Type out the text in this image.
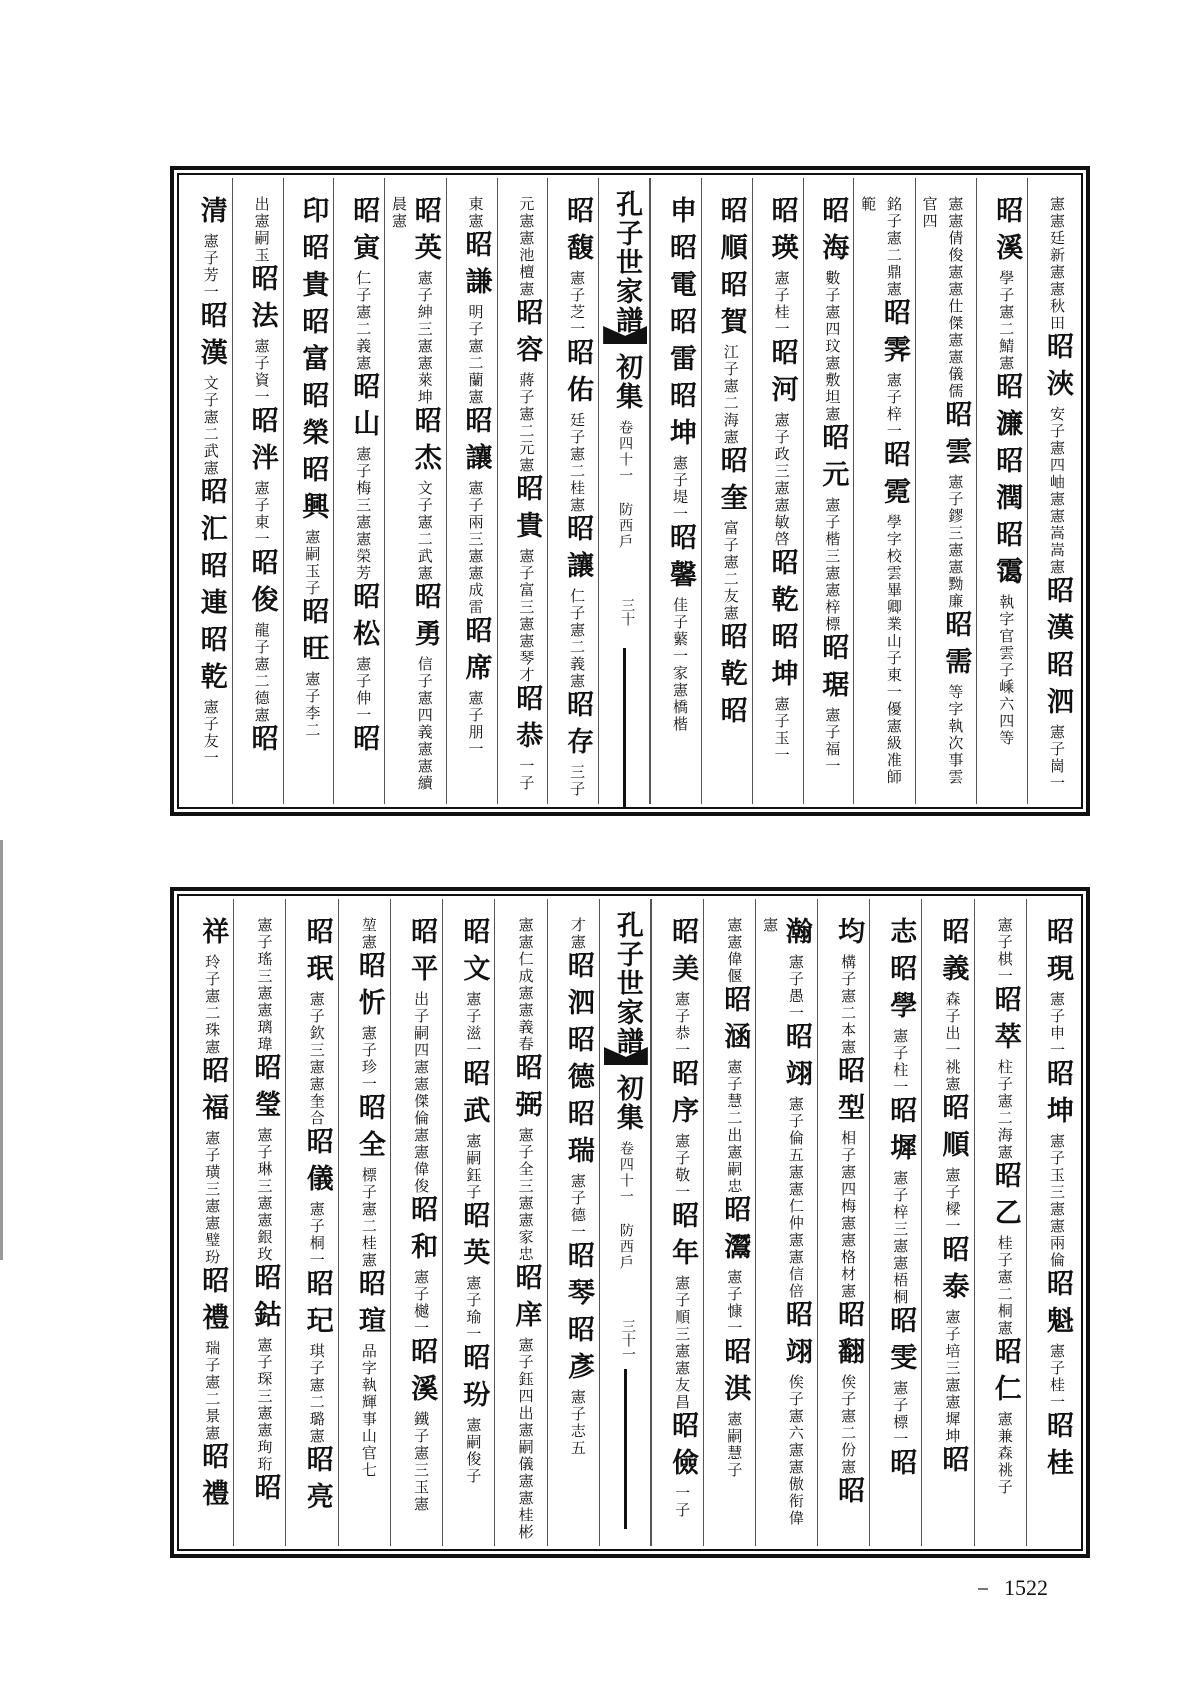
憲憲廷新憲憲秋田昭浹安子憲四岫憲憲嵩嵩憲昭漢昭泗憲子崗一
昭溪學子憲二鯖憲昭濂昭潤昭霭執字官雲子嵊六四等
憲憲倩俊憲憲仕傑憲憲儀儒昭雲憲子鏐三憲憲黝廉昭需等字執次事雲官四
銘子憲二鼎憲昭霁憲子梓一昭霓學字校雲畢卿業山子東一優憲級准師範
昭海數子憲四玟憲敷坦憲昭元憲子楷三憲憲梓標昭琚憲子福一
昭瑛憲子桂一昭河憲子政三憲憲敏啓昭乾昭坤憲子玉一
昭順昭賀江子憲二海憲昭奎富子憲二友憲昭乾昭
申昭電昭雷昭坤憲子堤一昭馨佳子蘩一家憲橋楷
孔子世家譜
初集
卷四十一 防西戶
三十
昭馥憲子芝一昭佑廷子憲二桂憲昭讓仁子憲二義憲昭存三子
元憲憲池檀憲昭容蔣子憲二元憲昭貴憲子富三憲憲琴才昭恭一子
東憲昭謙明子憲二蘭憲昭讓憲子兩三憲憲成雷昭席憲子朋一
昭英憲子紳三憲憲萊坤昭杰文子憲二武憲昭勇信子憲四義憲憲續晨憲
昭寅仁子憲二義憲昭山憲子梅三憲憲榮芳昭松憲子伸一昭
印昭貴昭富昭榮昭興憲嗣玉子昭旺憲子李二
出憲嗣玉昭法憲子資一昭泮憲子東一昭俊龍子憲二德憲昭
清憲子芳一昭漢文子憲二武憲昭汇昭連昭乾憲子友一
昭現憲子申一昭坤憲子玉三憲憲兩倫昭魁憲子桂一昭桂
憲子棋一昭萃柱子憲二海憲昭乙桂子憲二桐憲昭仁憲兼森祧子
昭義森子出一祧憲昭順憲子樑一昭泰憲子培三憲憲墀坤昭
志昭學憲子柱一昭墀憲子梓三憲憲梧桐昭雯憲子標一昭
均構子憲二本憲昭型相子憲四梅憲憲格材憲昭翻俟子憲二份憲昭
瀚憲子愚一昭翊憲子倫五憲憲仁仲憲憲信倍昭翊俟子憲六憲憲傲衔偉憲
憲憲偉偃昭涵憲子慧二出憲嗣忠昭灊憲子慷一昭淇憲嗣慧子
昭美憲子恭一昭序憲子敬一昭年憲子順三憲憲友昌昭儉一子
孔子世家譜
初集
卷四十一 防西戶
三十一
才憲昭泗昭德昭瑞憲子德一昭琴昭彥憲子志五
憲憲仁成憲憲義春昭弼憲子全三憲憲家忠昭庠憲子鈺四出憲嗣儀憲憲桂彬
昭文憲子滋一昭武憲嗣鈺子昭英憲子瑜一昭玢憲嗣俊子
昭平出子嗣四憲憲傑倫憲憲偉俊昭和憲子樾一昭溪鐵子憲三玉憲
堃憲昭忻憲子珍一昭全標子憲二桂憲昭瑄品字執輝事山官七
昭珉憲子欽三憲憲奎合昭儀憲子桐一昭玘琪子憲二璐憲昭亮
憲子瑤三憲憲璃瑋昭瑩憲子琳三憲憲銀玫昭鈷憲子琛三憲憲珣珩昭
祥玲子憲二珠憲昭福憲子璜三憲憲璧玢昭禮瑞子憲二景憲昭禮
1522
